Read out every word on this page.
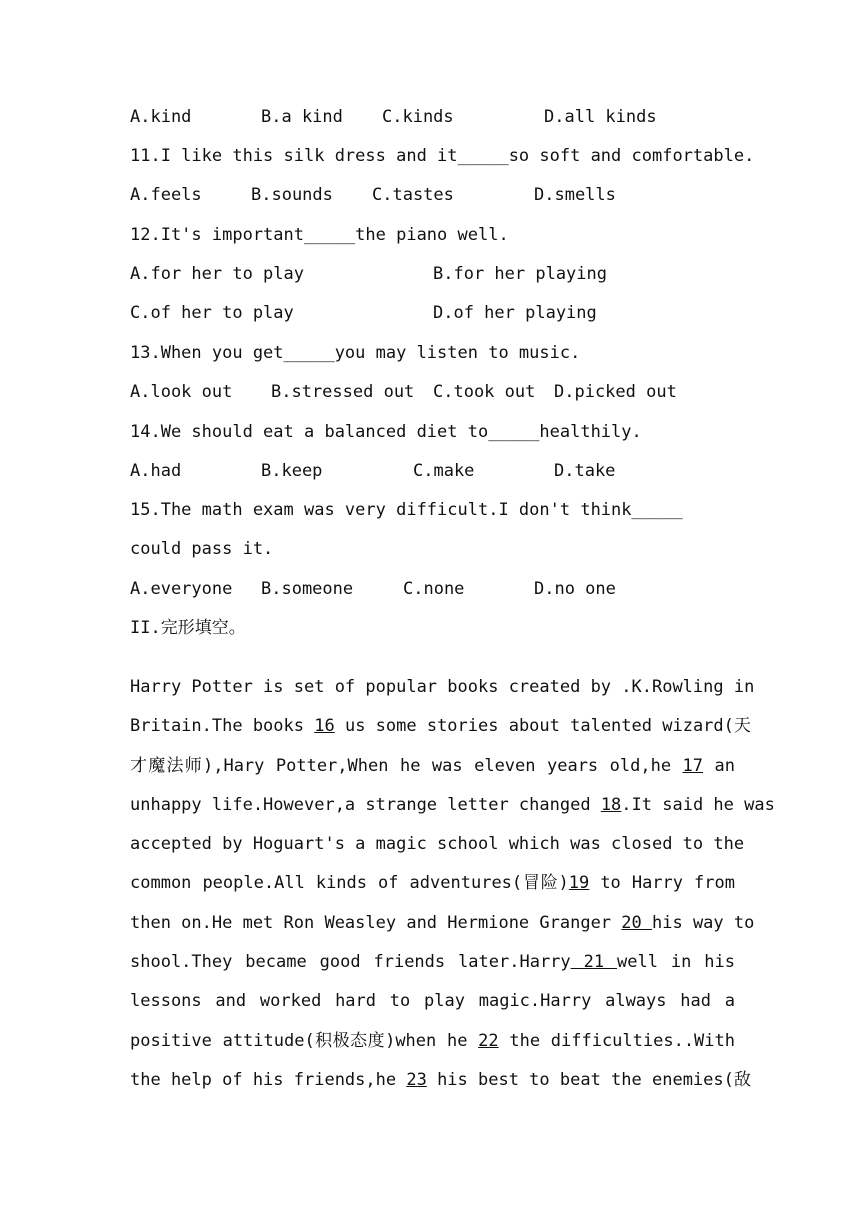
A.kind	B.a kind C.kinds	D.all kinds
11.I like this silk dress and it_____so soft and comfortable.
A.feels	B.sounds C.tastes	D.smells
12.It's important_____the piano well.
A.for her to play	B.for her playing
C.of her to play	D.of her playing
13.When you get_____you may listen to music.
A.look out B.stressed out C.took out D.picked out
14.We should eat a balanced diet to_____healthily.
A.had	B.keep	C.make	D.take
15.The math exam was very difficult.I don't think_____
could pass it.
A.everyone B.someone	C.none	D.no one
II.完形填空。
Harry Potter is set of popular books created by .K.Rowling in
Britain.The books 16 us some stories about talented wizard(天
才魔法师),Hary Potter,When he was eleven years old,he 17 an
unhappy life.However,a strange letter changed 18.It said he was
accepted by Hoguart's a magic school which was closed to the
common people.All kinds of adventures(冒险)19 to Harry from
then on.He met Ron Weasley and Hermione Granger 20 his way to
shool.They became good friends later.Harry 21 well in his
lessons and worked hard to play magic.Harry always had a
positive attitude(积极态度)when he 22 the difficulties..With
the help of his friends,he 23 his best to beat the enemies(敌
